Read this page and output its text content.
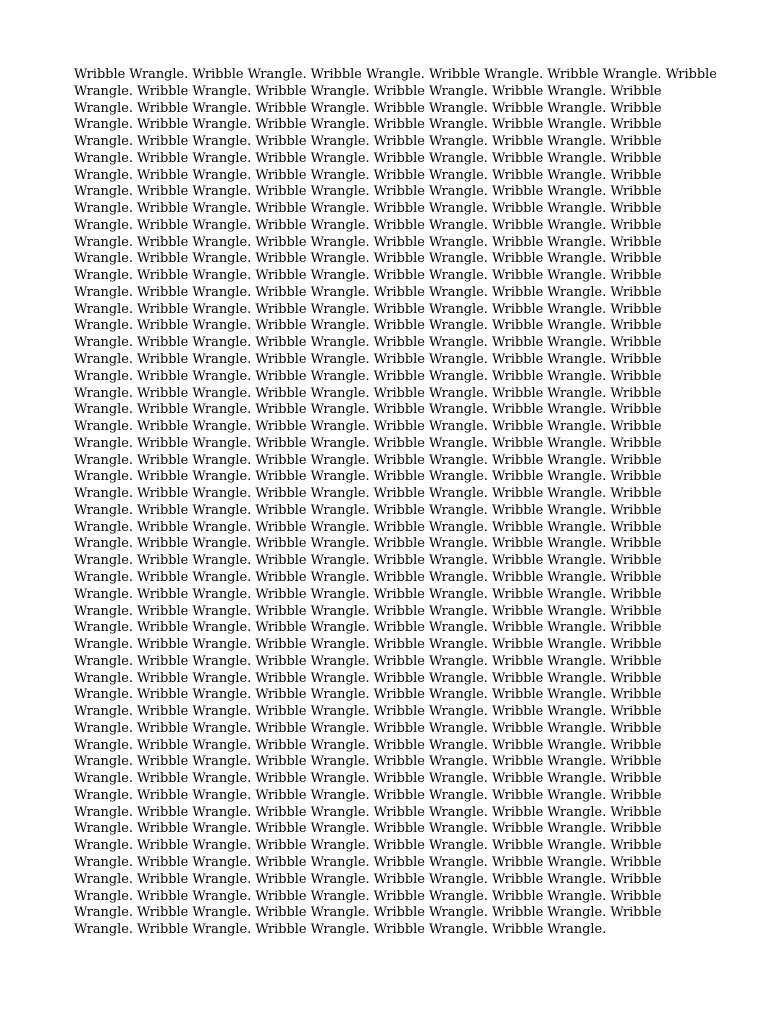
Wribble Wrangle. Wribble Wrangle. Wribble Wrangle. Wribble Wrangle. Wribble Wrangle. Wribble
Wrangle. Wribble Wrangle. Wribble Wrangle. Wribble Wrangle. Wribble Wrangle. Wribble
Wrangle. Wribble Wrangle. Wribble Wrangle. Wribble Wrangle. Wribble Wrangle. Wribble
Wrangle. Wribble Wrangle. Wribble Wrangle. Wribble Wrangle. Wribble Wrangle. Wribble
Wrangle. Wribble Wrangle. Wribble Wrangle. Wribble Wrangle. Wribble Wrangle. Wribble
Wrangle. Wribble Wrangle. Wribble Wrangle. Wribble Wrangle. Wribble Wrangle. Wribble
Wrangle. Wribble Wrangle. Wribble Wrangle. Wribble Wrangle. Wribble Wrangle. Wribble
Wrangle. Wribble Wrangle. Wribble Wrangle. Wribble Wrangle. Wribble Wrangle. Wribble
Wrangle. Wribble Wrangle. Wribble Wrangle. Wribble Wrangle. Wribble Wrangle. Wribble
Wrangle. Wribble Wrangle. Wribble Wrangle. Wribble Wrangle. Wribble Wrangle. Wribble
Wrangle. Wribble Wrangle. Wribble Wrangle. Wribble Wrangle. Wribble Wrangle. Wribble
Wrangle. Wribble Wrangle. Wribble Wrangle. Wribble Wrangle. Wribble Wrangle. Wribble
Wrangle. Wribble Wrangle. Wribble Wrangle. Wribble Wrangle. Wribble Wrangle. Wribble
Wrangle. Wribble Wrangle. Wribble Wrangle. Wribble Wrangle. Wribble Wrangle. Wribble
Wrangle. Wribble Wrangle. Wribble Wrangle. Wribble Wrangle. Wribble Wrangle. Wribble
Wrangle. Wribble Wrangle. Wribble Wrangle. Wribble Wrangle. Wribble Wrangle. Wribble
Wrangle. Wribble Wrangle. Wribble Wrangle. Wribble Wrangle. Wribble Wrangle. Wribble
Wrangle. Wribble Wrangle. Wribble Wrangle. Wribble Wrangle. Wribble Wrangle. Wribble
Wrangle. Wribble Wrangle. Wribble Wrangle. Wribble Wrangle. Wribble Wrangle. Wribble
Wrangle. Wribble Wrangle. Wribble Wrangle. Wribble Wrangle. Wribble Wrangle. Wribble
Wrangle. Wribble Wrangle. Wribble Wrangle. Wribble Wrangle. Wribble Wrangle. Wribble
Wrangle. Wribble Wrangle. Wribble Wrangle. Wribble Wrangle. Wribble Wrangle. Wribble
Wrangle. Wribble Wrangle. Wribble Wrangle. Wribble Wrangle. Wribble Wrangle. Wribble
Wrangle. Wribble Wrangle. Wribble Wrangle. Wribble Wrangle. Wribble Wrangle. Wribble
Wrangle. Wribble Wrangle. Wribble Wrangle. Wribble Wrangle. Wribble Wrangle. Wribble
Wrangle. Wribble Wrangle. Wribble Wrangle. Wribble Wrangle. Wribble Wrangle. Wribble
Wrangle. Wribble Wrangle. Wribble Wrangle. Wribble Wrangle. Wribble Wrangle. Wribble
Wrangle. Wribble Wrangle. Wribble Wrangle. Wribble Wrangle. Wribble Wrangle. Wribble
Wrangle. Wribble Wrangle. Wribble Wrangle. Wribble Wrangle. Wribble Wrangle. Wribble
Wrangle. Wribble Wrangle. Wribble Wrangle. Wribble Wrangle. Wribble Wrangle. Wribble
Wrangle. Wribble Wrangle. Wribble Wrangle. Wribble Wrangle. Wribble Wrangle. Wribble
Wrangle. Wribble Wrangle. Wribble Wrangle. Wribble Wrangle. Wribble Wrangle. Wribble
Wrangle. Wribble Wrangle. Wribble Wrangle. Wribble Wrangle. Wribble Wrangle. Wribble
Wrangle. Wribble Wrangle. Wribble Wrangle. Wribble Wrangle. Wribble Wrangle. Wribble
Wrangle. Wribble Wrangle. Wribble Wrangle. Wribble Wrangle. Wribble Wrangle. Wribble
Wrangle. Wribble Wrangle. Wribble Wrangle. Wribble Wrangle. Wribble Wrangle. Wribble
Wrangle. Wribble Wrangle. Wribble Wrangle. Wribble Wrangle. Wribble Wrangle. Wribble
Wrangle. Wribble Wrangle. Wribble Wrangle. Wribble Wrangle. Wribble Wrangle. Wribble
Wrangle. Wribble Wrangle. Wribble Wrangle. Wribble Wrangle. Wribble Wrangle. Wribble
Wrangle. Wribble Wrangle. Wribble Wrangle. Wribble Wrangle. Wribble Wrangle. Wribble
Wrangle. Wribble Wrangle. Wribble Wrangle. Wribble Wrangle. Wribble Wrangle. Wribble
Wrangle. Wribble Wrangle. Wribble Wrangle. Wribble Wrangle. Wribble Wrangle. Wribble
Wrangle. Wribble Wrangle. Wribble Wrangle. Wribble Wrangle. Wribble Wrangle. Wribble
Wrangle. Wribble Wrangle. Wribble Wrangle. Wribble Wrangle. Wribble Wrangle. Wribble
Wrangle. Wribble Wrangle. Wribble Wrangle. Wribble Wrangle. Wribble Wrangle. Wribble
Wrangle. Wribble Wrangle. Wribble Wrangle. Wribble Wrangle. Wribble Wrangle. Wribble
Wrangle. Wribble Wrangle. Wribble Wrangle. Wribble Wrangle. Wribble Wrangle. Wribble
Wrangle. Wribble Wrangle. Wribble Wrangle. Wribble Wrangle. Wribble Wrangle. Wribble
Wrangle. Wribble Wrangle. Wribble Wrangle. Wribble Wrangle. Wribble Wrangle. Wribble
Wrangle. Wribble Wrangle. Wribble Wrangle. Wribble Wrangle. Wribble Wrangle. Wribble
Wrangle. Wribble Wrangle. Wribble Wrangle. Wribble Wrangle. Wribble Wrangle. Wribble
Wrangle. Wribble Wrangle. Wribble Wrangle. Wribble Wrangle. Wribble Wrangle.
